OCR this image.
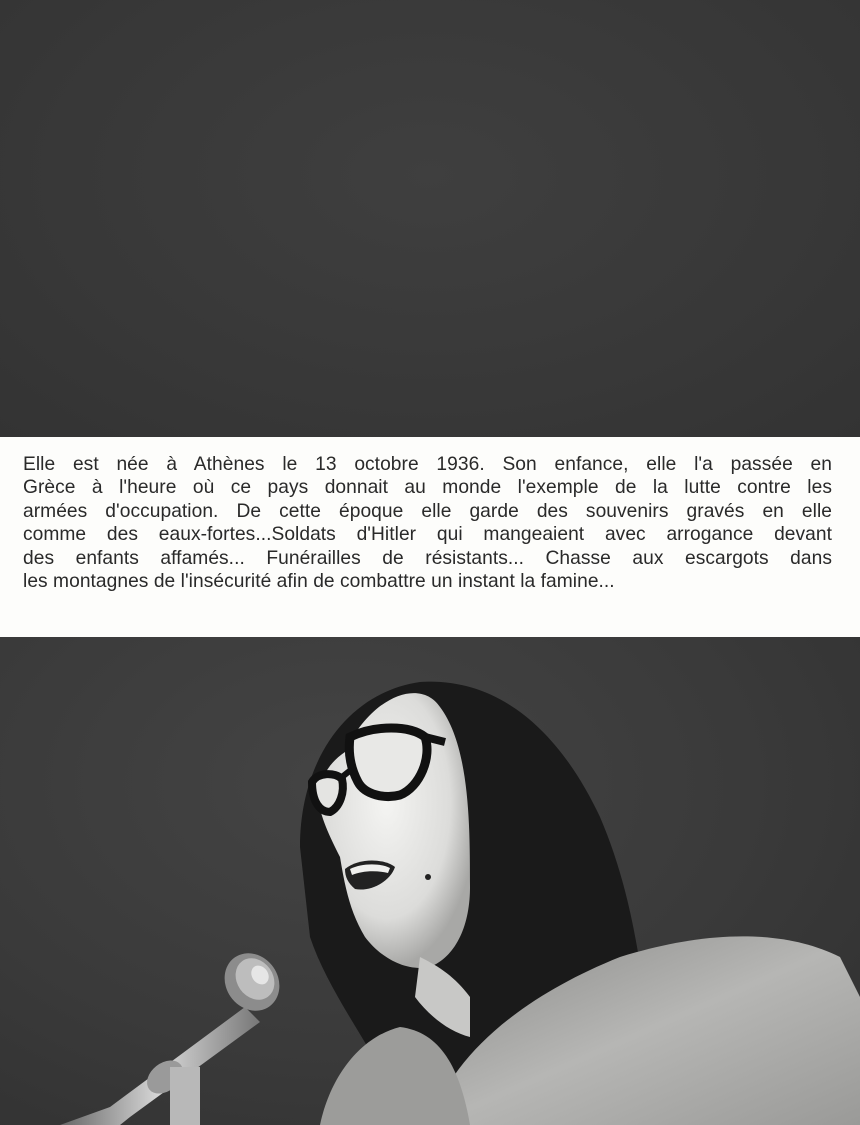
Elle est née à Athènes le 13 octobre 1936. Son enfance, elle l'a passée en
Grèce à l'heure où ce pays donnait au monde l'exemple de la lutte contre les
armées d'occupation. De cette époque elle garde des souvenirs gravés en elle
comme des eaux-fortes...Soldats d'Hitler qui mangeaient avec arrogance devant
des enfants affamés... Funérailles de résistants... Chasse aux escargots dans
les montagnes de l'insécurité afin de combattre un instant la famine...
